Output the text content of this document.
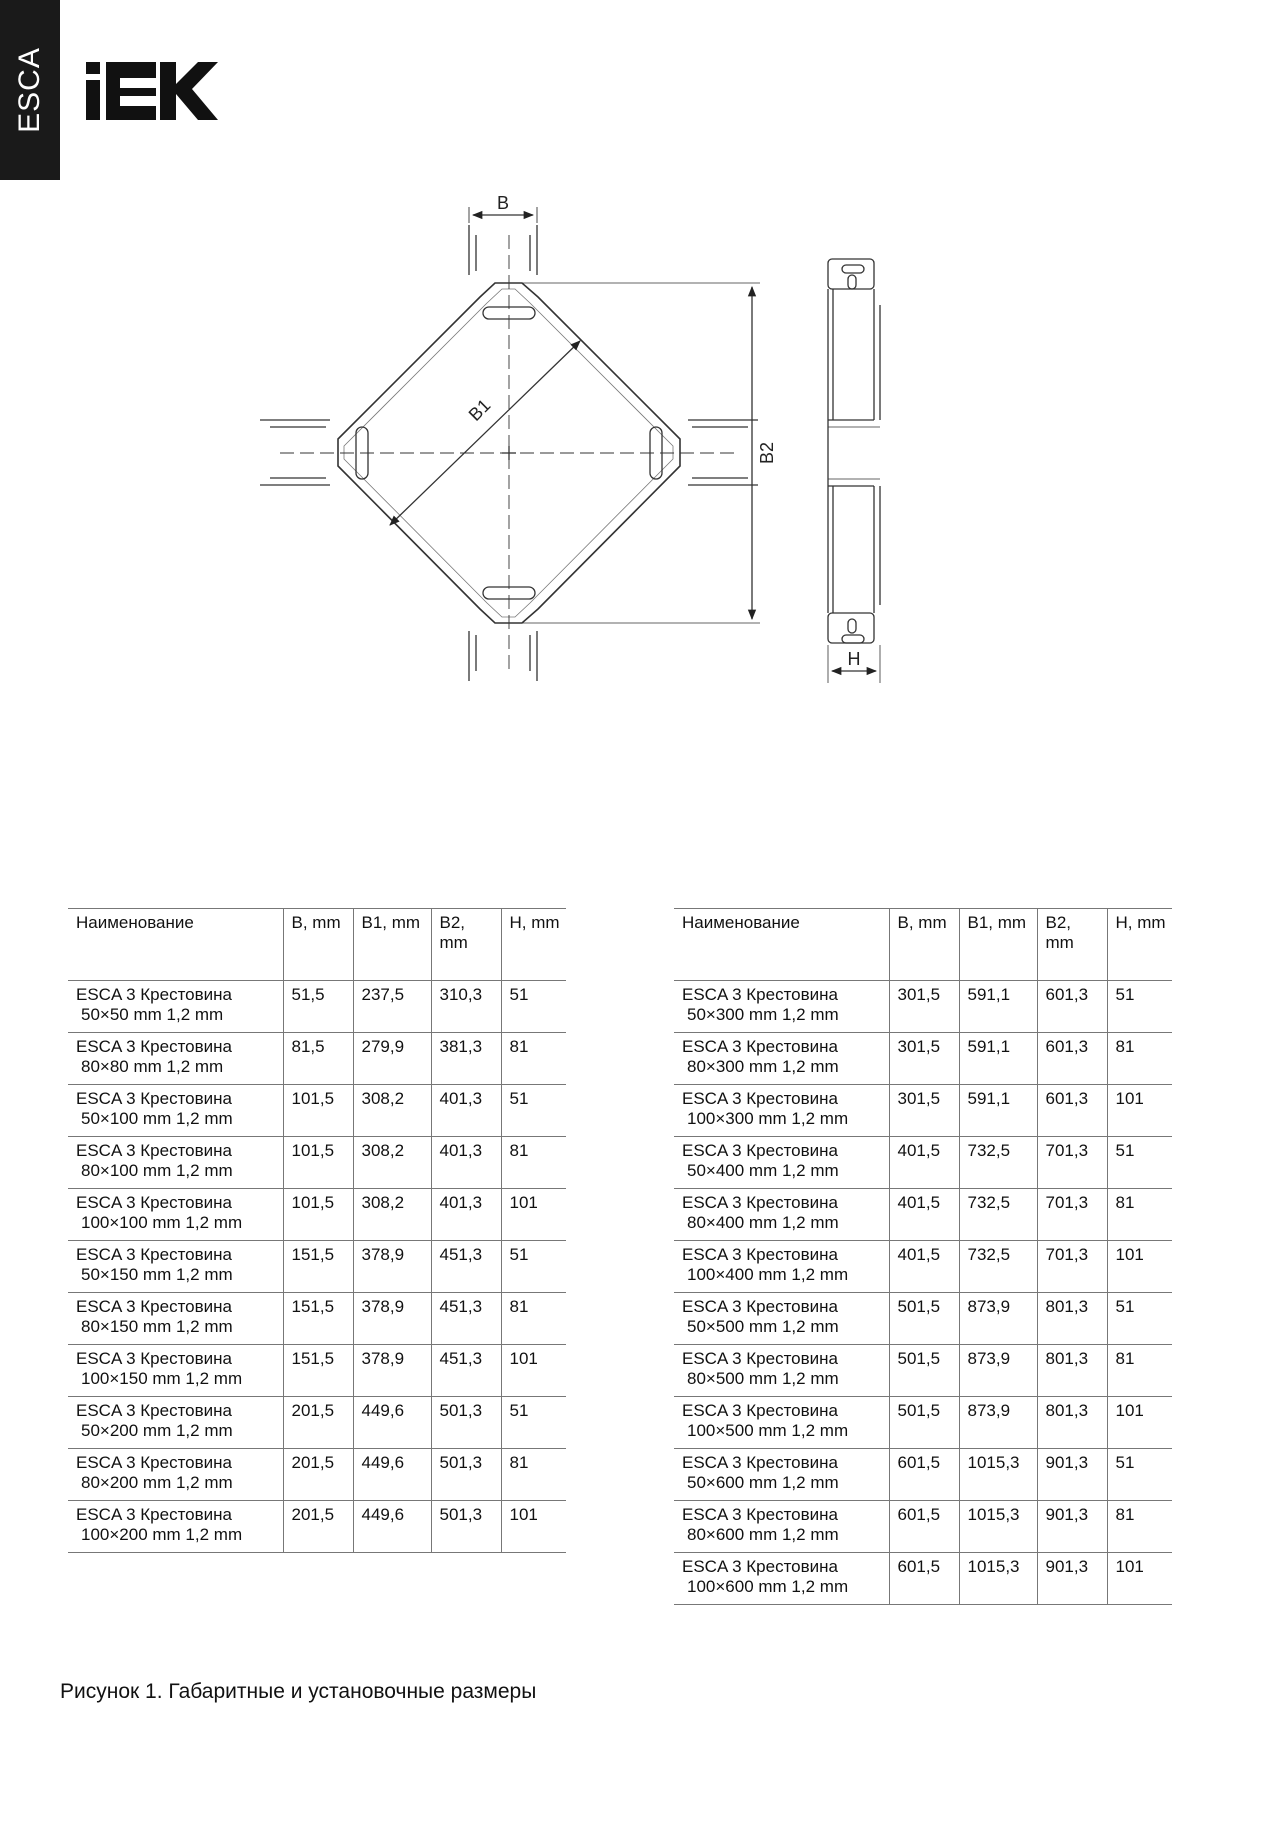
ESCA
B
B1
B2
H
Наименование	B, mm	B1, mm	B2, mm	H, mm

ESCA 3 Крестовина
50×50 mm 1,2 mm	51,5	237,5	310,3	51

ESCA 3 Крестовина
80×80 mm 1,2 mm	81,5	279,9	381,3	81

ESCA 3 Крестовина
50×100 mm 1,2 mm	101,5	308,2	401,3	51

ESCA 3 Крестовина
80×100 mm 1,2 mm	101,5	308,2	401,3	81

ESCA 3 Крестовина
100×100 mm 1,2 mm	101,5	308,2	401,3	101

ESCA 3 Крестовина
50×150 mm 1,2 mm	151,5	378,9	451,3	51

ESCA 3 Крестовина
80×150 mm 1,2 mm	151,5	378,9	451,3	81

ESCA 3 Крестовина
100×150 mm 1,2 mm	151,5	378,9	451,3	101

ESCA 3 Крестовина
50×200 mm 1,2 mm	201,5	449,6	501,3	51

ESCA 3 Крестовина
80×200 mm 1,2 mm	201,5	449,6	501,3	81

ESCA 3 Крестовина
100×200 mm 1,2 mm	201,5	449,6	501,3	101
Наименование	B, mm	B1, mm	B2, mm	H, mm

ESCA 3 Крестовина
50×300 mm 1,2 mm	301,5	591,1	601,3	51

ESCA 3 Крестовина
80×300 mm 1,2 mm	301,5	591,1	601,3	81

ESCA 3 Крестовина
100×300 mm 1,2 mm	301,5	591,1	601,3	101

ESCA 3 Крестовина
50×400 mm 1,2 mm	401,5	732,5	701,3	51

ESCA 3 Крестовина
80×400 mm 1,2 mm	401,5	732,5	701,3	81

ESCA 3 Крестовина
100×400 mm 1,2 mm	401,5	732,5	701,3	101

ESCA 3 Крестовина
50×500 mm 1,2 mm	501,5	873,9	801,3	51

ESCA 3 Крестовина
80×500 mm 1,2 mm	501,5	873,9	801,3	81

ESCA 3 Крестовина
100×500 mm 1,2 mm	501,5	873,9	801,3	101

ESCA 3 Крестовина
50×600 mm 1,2 mm	601,5	1015,3	901,3	51

ESCA 3 Крестовина
80×600 mm 1,2 mm	601,5	1015,3	901,3	81

ESCA 3 Крестовина
100×600 mm 1,2 mm	601,5	1015,3	901,3	101
Рисунок 1. Габаритные и установочные размеры
